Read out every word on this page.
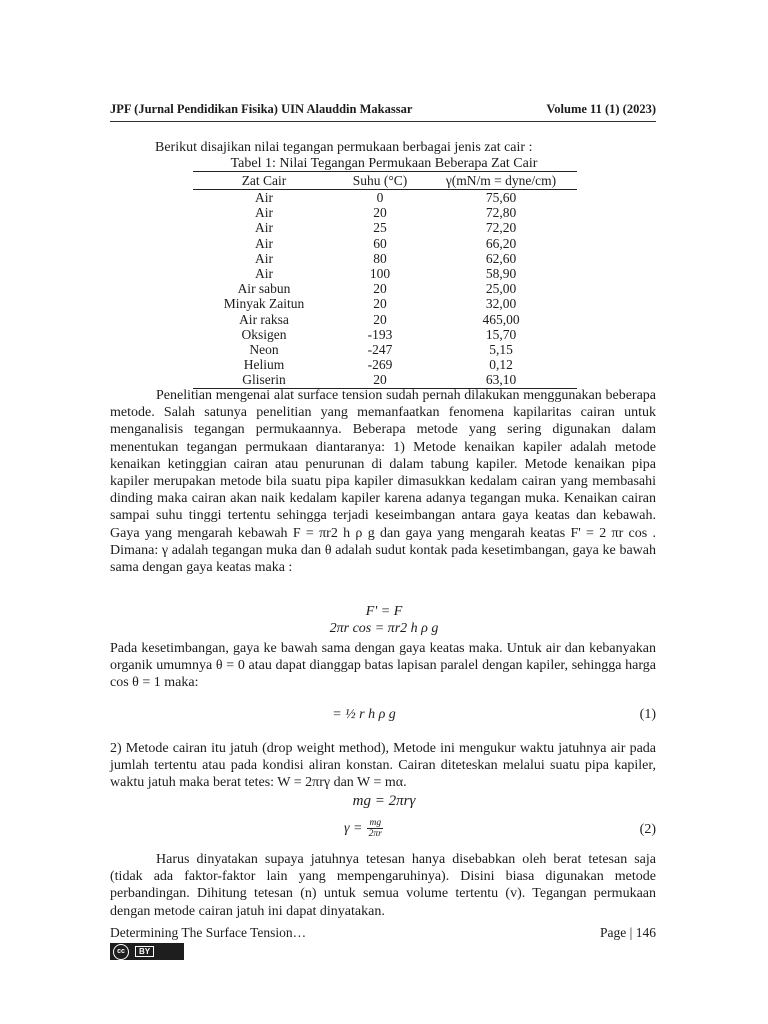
JPF (Jurnal Pendidikan Fisika) UIN Alauddin Makassar	Volume 11 (1) (2023)
Berikut disajikan nilai tegangan permukaan berbagai jenis zat cair :
Tabel 1: Nilai Tegangan Permukaan Beberapa Zat Cair
Zat Cair	Suhu (°C)	γ(mN/m = dyne/cm)
Air	0	75,60
Air	20	72,80
Air	25	72,20
Air	60	66,20
Air	80	62,60
Air	100	58,90
Air sabun	20	25,00
Minyak Zaitun	20	32,00
Air raksa	20	465,00
Oksigen	-193	15,70
Neon	-247	5,15
Helium	-269	0,12
Gliserin	20	63,10

Penelitian mengenai alat surface tension sudah pernah dilakukan menggunakan beberapa metode. Salah satunya penelitian yang memanfaatkan fenomena kapilaritas cairan untuk menganalisis tegangan permukaannya. Beberapa metode yang sering digunakan dalam menentukan tegangan permukaan diantaranya: 1) Metode kenaikan kapiler adalah metode kenaikan ketinggian cairan atau penurunan di dalam tabung kapiler. Metode kenaikan pipa kapiler merupakan metode bila suatu pipa kapiler dimasukkan kedalam cairan yang membasahi dinding maka cairan akan naik kedalam kapiler karena adanya tegangan muka. Kenaikan cairan sampai suhu tinggi tertentu sehingga terjadi keseimbangan antara gaya keatas dan kebawah. Gaya yang mengarah kebawah F = πr2 h ρ g dan gaya yang mengarah keatas F' = 2 πr cos . Dimana: γ adalah tegangan muka dan θ adalah sudut kontak pada kesetimbangan, gaya ke bawah sama dengan gaya keatas maka :

F' = F
2πr cos = πr2 h ρ g

Pada kesetimbangan, gaya ke bawah sama dengan gaya keatas maka. Untuk air dan kebanyakan organik umumnya θ = 0 atau dapat dianggap batas lapisan paralel dengan kapiler, sehingga harga cos θ = 1 maka:

= ½ r h ρ g	(1)

2) Metode cairan itu jatuh (drop weight method), Metode ini mengukur waktu jatuhnya air pada jumlah tertentu atau pada kondisi aliran konstan. Cairan diteteskan melalui suatu pipa kapiler, waktu jatuh maka berat tetes: W = 2πrγ dan W = mα.

mg = 2πrγ
$\gamma = \frac{mg}{2\pi r}$	(2)

Harus dinyatakan supaya jatuhnya tetesan hanya disebabkan oleh berat tetesan saja (tidak ada faktor-faktor lain yang mempengaruhinya). Disini biasa digunakan metode perbandingan. Dihitung tetesan (n) untuk semua volume tertentu (v). Tegangan permukaan dengan metode cairan jatuh ini dapat dinyatakan.

Determining The Surface Tension…	Page | 146
cc	BY
